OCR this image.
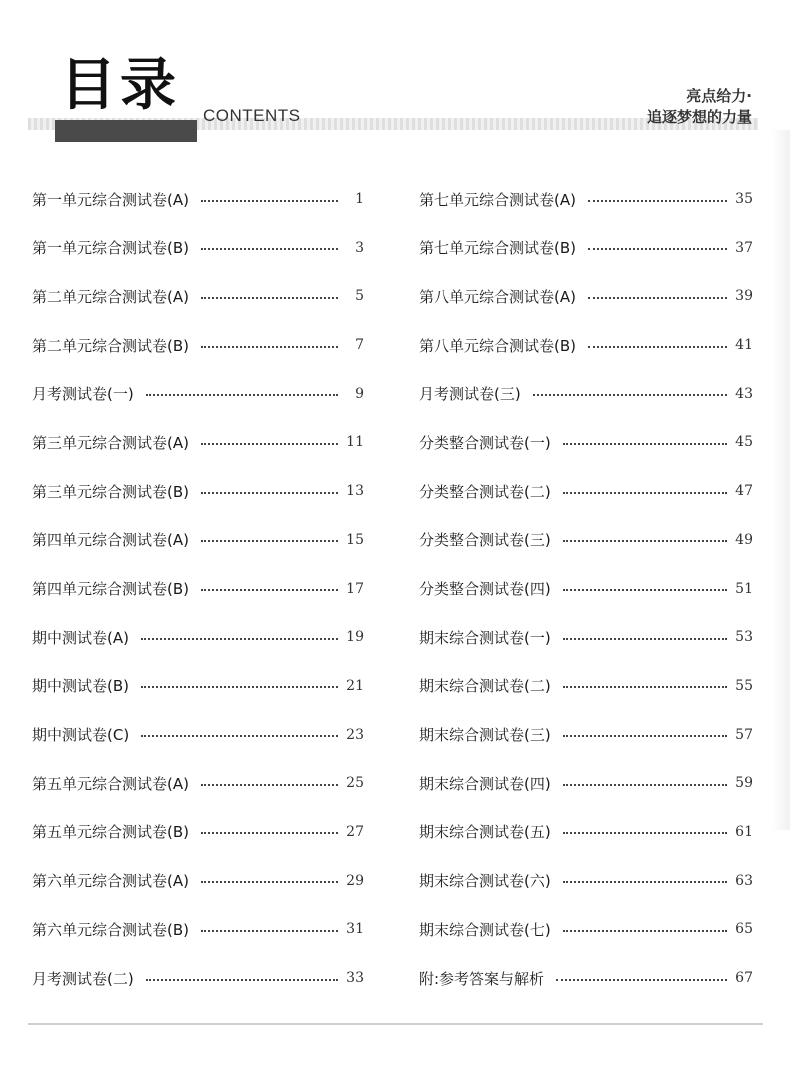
目录 CONTENTS
亮点给力·
追逐梦想的力量
第一单元综合测试卷(A)	1
第一单元综合测试卷(B)	3
第二单元综合测试卷(A)	5
第二单元综合测试卷(B)	7
月考测试卷(一)	9
第三单元综合测试卷(A)	11
第三单元综合测试卷(B)	13
第四单元综合测试卷(A)	15
第四单元综合测试卷(B)	17
期中测试卷(A)	19
期中测试卷(B)	21
期中测试卷(C)	23
第五单元综合测试卷(A)	25
第五单元综合测试卷(B)	27
第六单元综合测试卷(A)	29
第六单元综合测试卷(B)	31
月考测试卷(二)	33
第七单元综合测试卷(A)	35
第七单元综合测试卷(B)	37
第八单元综合测试卷(A)	39
第八单元综合测试卷(B)	41
月考测试卷(三)	43
分类整合测试卷(一)	45
分类整合测试卷(二)	47
分类整合测试卷(三)	49
分类整合测试卷(四)	51
期末综合测试卷(一)	53
期末综合测试卷(二)	55
期末综合测试卷(三)	57
期末综合测试卷(四)	59
期末综合测试卷(五)	61
期末综合测试卷(六)	63
期末综合测试卷(七)	65
附:参考答案与解析	67
